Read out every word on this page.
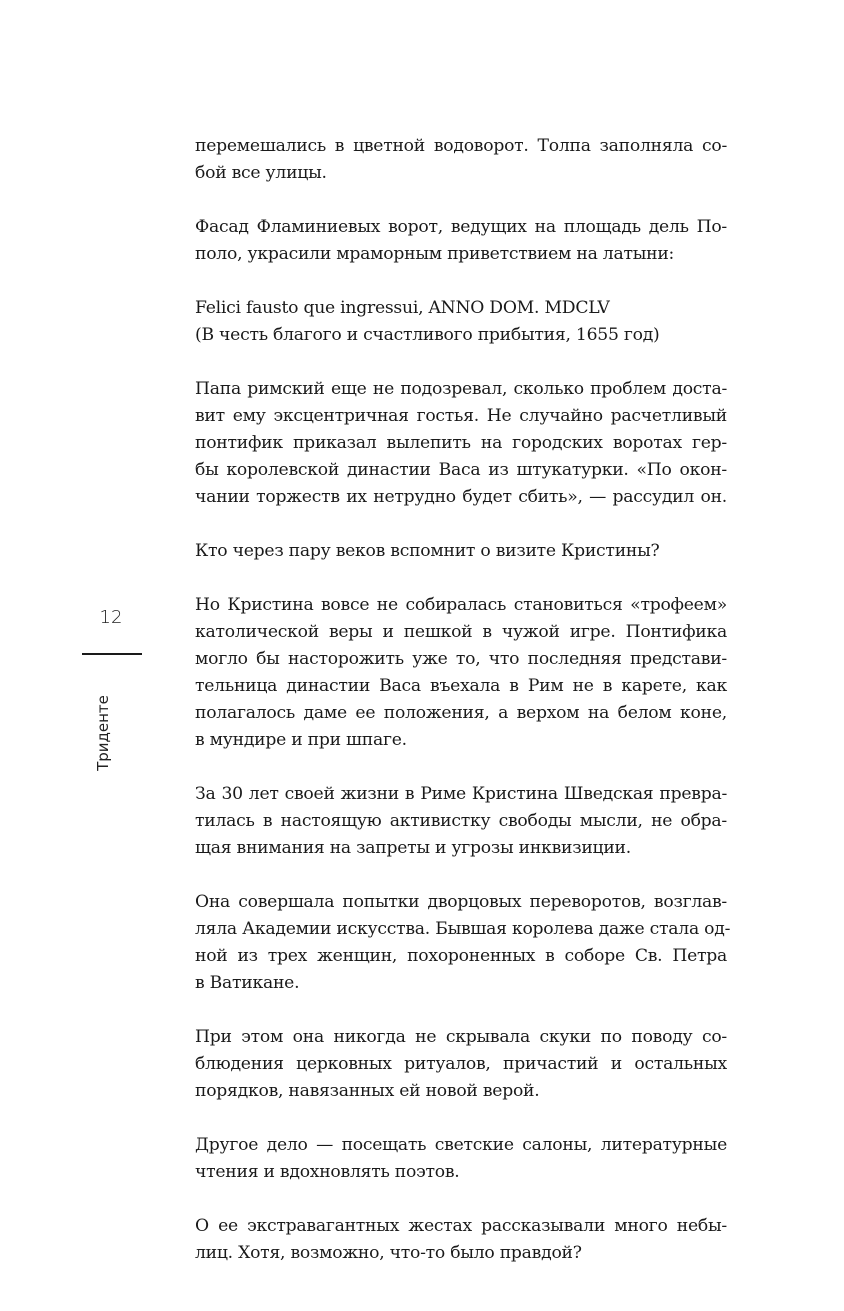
12
Триденте

перемешались в цветной водоворот. Толпа заполняла со-
бой все улицы.

Фасад Фламиниевых ворот, ведущих на площадь дель По-
поло, украсили мраморным приветствием на латыни:

Felici fausto que ingressui, ANNO DOM. MDCLV
(В честь благого и счастливого прибытия, 1655 год)

Папа римский еще не подозревал, сколько проблем доста-
вит ему эксцентричная гостья. Не случайно расчетливый
понтифик приказал вылепить на городских воротах гер-
бы королевской династии Васа из штукатурки. «По окон-
чании торжеств их нетрудно будет сбить», — рассудил он.

Кто через пару веков вспомнит о визите Кристины?

Но Кристина вовсе не собиралась становиться «трофеем»
католической веры и пешкой в чужой игре. Понтифика
могло бы насторожить уже то, что последняя представи-
тельница династии Васа въехала в Рим не в карете, как
полагалось даме ее положения, а верхом на белом коне,
в мундире и при шпаге.

За 30 лет своей жизни в Риме Кристина Шведская превра-
тилась в настоящую активистку свободы мысли, не обра-
щая внимания на запреты и угрозы инквизиции.

Она совершала попытки дворцовых переворотов, возглав-
ляла Академии искусства. Бывшая королева даже стала од-
ной из трех женщин, похороненных в соборе Св. Петра
в Ватикане.

При этом она никогда не скрывала скуки по поводу со-
блюдения церковных ритуалов, причастий и остальных
порядков, навязанных ей новой верой.

Другое дело — посещать светские салоны, литературные
чтения и вдохновлять поэтов.

О ее экстравагантных жестах рассказывали много небы-
лиц. Хотя, возможно, что-то было правдой?
